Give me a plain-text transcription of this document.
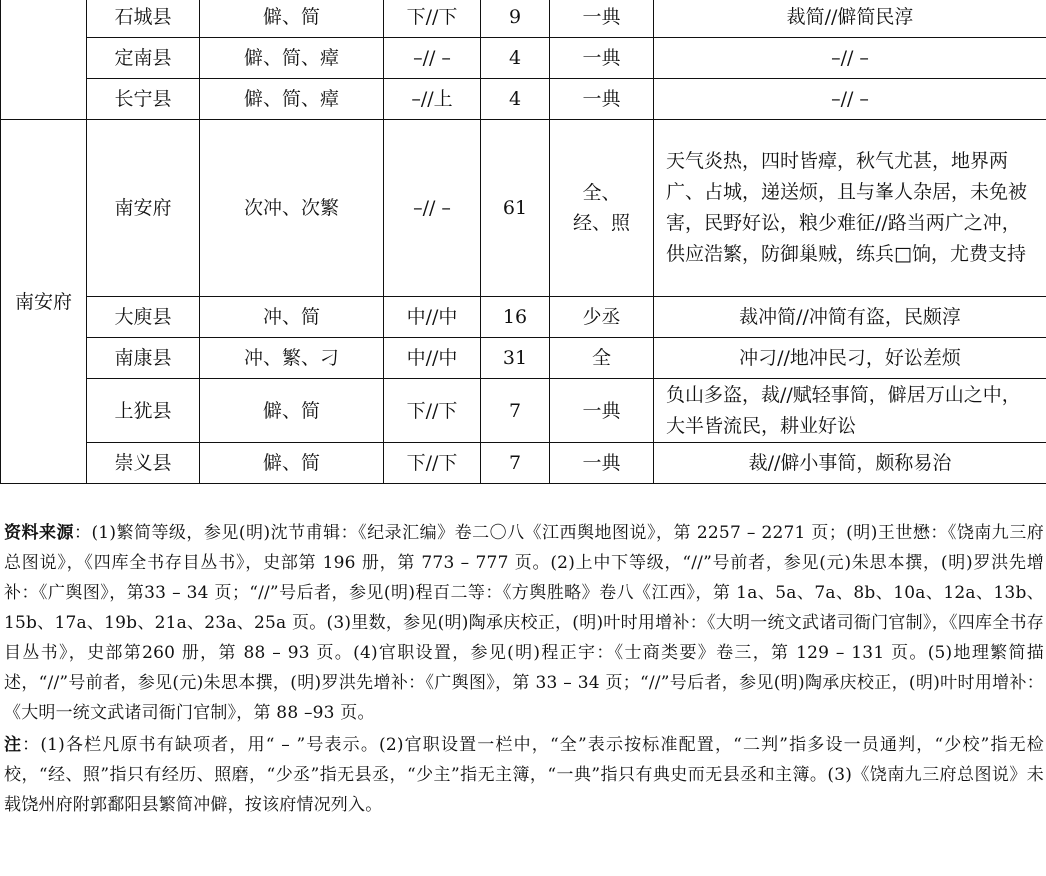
	石城县	僻、简	下//下	9	一典	裁简//僻简民淳
	定南县	僻、简、瘴	–// –	4	一典	–// –
	长宁县	僻、简、瘴	–//上	4	一典	–// –
南安府	南安府	次冲、次繁	–// –	61	全、经、照	天气炎热，四时皆瘴，秋气尤甚，地界两广、占城，递送烦，且与峯人杂居，未免被害，民野好讼，粮少难征//路当两广之冲，供应浩繁，防御巢贼，练兵□饷，尤费支持
	大庾县	冲、简	中//中	16	少丞	裁冲简//冲简有盗，民颇淳
	南康县	冲、繁、刁	中//中	31	全	冲刁//地冲民刁，好讼差烦
	上犹县	僻、简	下//下	7	一典	负山多盗，裁//赋轻事简，僻居万山之中，大半皆流民，耕业好讼
	崇义县	僻、简	下//下	7	一典	裁//僻小事简，颇称易治

资料来源：(1)繁简等级，参见(明)沈节甫辑：《纪录汇编》卷二〇八《江西舆地图说》，第 2257 – 2271 页；(明)王世懋：《饶南九三府总图说》，《四库全书存目丛书》，史部第 196 册，第 773 – 777 页。(2)上中下等级，“//”号前者，参见(元)朱思本撰，(明)罗洪先增补：《广舆图》，第33 – 34 页；“//”号后者，参见(明)程百二等：《方舆胜略》卷八《江西》，第 1a、5a、7a、8b、10a、12a、13b、15b、17a、19b、21a、23a、25a 页。(3)里数，参见(明)陶承庆校正，(明)叶时用增补：《大明一统文武诸司衙门官制》，《四库全书存目丛书》，史部第260 册，第 88 – 93 页。(4)官职设置，参见(明)程正宇：《士商类要》卷三，第 129 – 131 页。(5)地理繁简描述，“//”号前者，参见(元)朱思本撰，(明)罗洪先增补：《广舆图》，第 33 – 34 页；“//”号后者，参见(明)陶承庆校正，(明)叶时用增补：《大明一统文武诸司衙门官制》，第 88 –93 页。

注：(1)各栏凡原书有缺项者，用“ – ”号表示。(2)官职设置一栏中，“全”表示按标准配置，“二判”指多设一员通判，“少校”指无检校，“经、照”指只有经历、照磨，“少丞”指无县丞，“少主”指无主簿，“一典”指只有典史而无县丞和主簿。(3)《饶南九三府总图说》未载饶州府附郭鄱阳县繁简冲僻，按该府情况列入。
